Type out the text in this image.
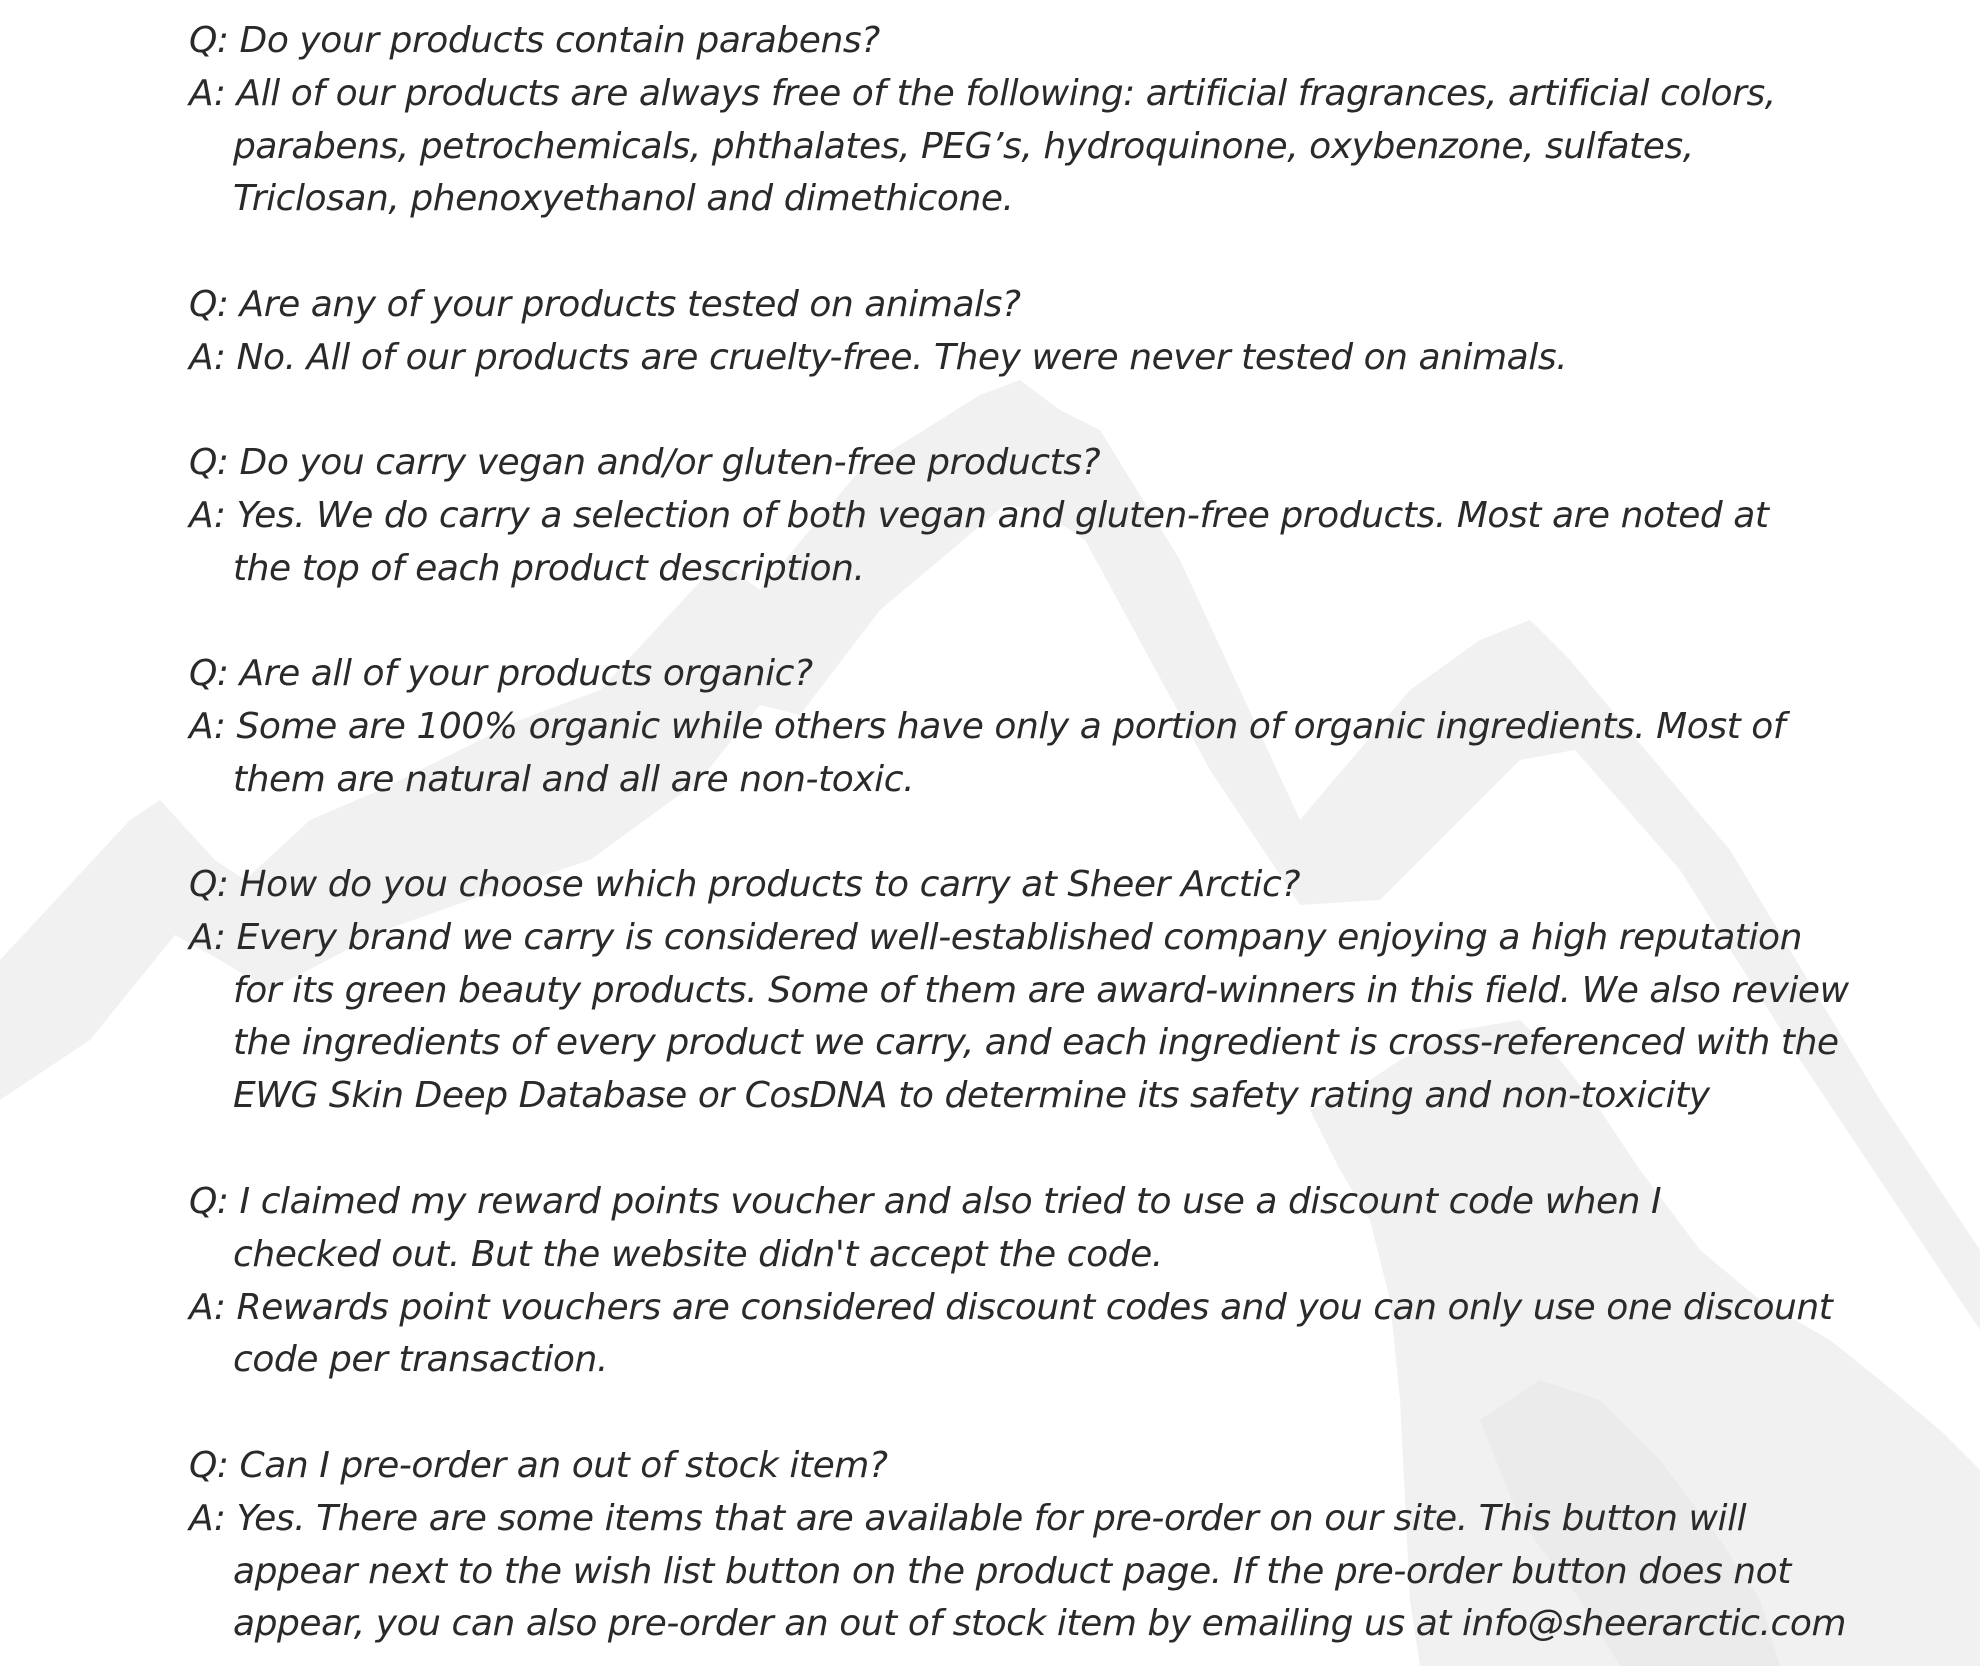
Q: Do your products contain parabens?
A: All of our products are always free of the following: artificial fragrances, artificial colors,
parabens, petrochemicals, phthalates, PEG’s, hydroquinone, oxybenzone, sulfates,
Triclosan, phenoxyethanol and dimethicone.
Q: Are any of your products tested on animals?
A: No. All of our products are cruelty-free. They were never tested on animals.
Q: Do you carry vegan and/or gluten-free products?
A: Yes. We do carry a selection of both vegan and gluten-free products. Most are noted at
the top of each product description.
Q: Are all of your products organic?
A: Some are 100% organic while others have only a portion of organic ingredients. Most of
them are natural and all are non-toxic.
Q: How do you choose which products to carry at Sheer Arctic?
A: Every brand we carry is considered well-established company enjoying a high reputation
for its green beauty products. Some of them are award-winners in this field. We also review
the ingredients of every product we carry, and each ingredient is cross-referenced with the
EWG Skin Deep Database or CosDNA to determine its safety rating and non-toxicity
Q: I claimed my reward points voucher and also tried to use a discount code when I
checked out. But the website didn't accept the code.
A: Rewards point vouchers are considered discount codes and you can only use one discount
code per transaction.
Q: Can I pre-order an out of stock item?
A: Yes. There are some items that are available for pre-order on our site. This button will
appear next to the wish list button on the product page. If the pre-order button does not
appear, you can also pre-order an out of stock item by emailing us at info@sheerarctic.com
